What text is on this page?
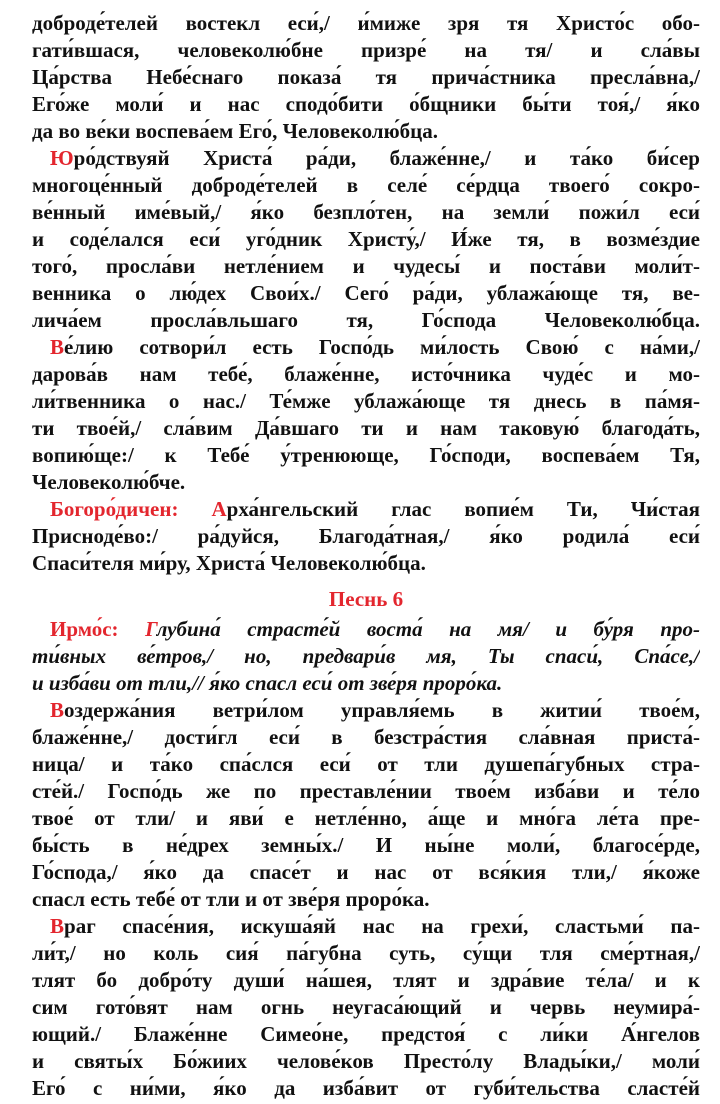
доброде́телей востекл еси́,/ и́миже зря тя Христо́с обо-
гати́вшася, человеколю́бне призре́ на тя/ и сла́вы
Ца́рства Небе́снаго показа́ тя прича́стника пресла́вна,/
Его́же моли́ и нас сподо́бити о́бщники бы́ти тоя́,/ я́ко
да во ве́ки воспева́ем Его́, Человеколю́бца.
Юро́дствуяй Христа́ ра́ди, блаже́нне,/ и та́ко би́сер
многоце́нный доброде́телей в селе́ се́рдца твоего́ сокро-
ве́нный име́вый,/ я́ко безпло́тен, на земли́ пожи́л еси́
и соде́лался еси́ уго́дник Христу́,/ И́же тя, в возме́здие
того́, просла́ви нетле́нием и чудесы́ и поста́ви моли́т-
венника о лю́дех Свои́х./ Сего́ ра́ди, ублажа́юще тя, ве-
лича́ем просла́вльшаго тя, Го́спода Человеколю́бца.
Ве́лию сотвори́л есть Госпо́дь ми́лость Свою́ с на́ми,/
дарова́в нам тебе́, блаже́нне, исто́чника чуде́с и мо-
ли́твенника о нас./ Те́мже ублажа́юще тя днесь в па́мя-
ти твое́й,/ сла́вим Да́вшаго ти и нам таковую́ благода́ть,
вопию́ще:/ к Тебе́ у́тренююще, Го́споди, воспева́ем Тя,
Человеколю́бче.
Богоро́дичен: Арха́нгельский глас вопие́м Ти, Чи́стая
Присноде́во:/ ра́дуйся, Благода́тная,/ я́ко родила́ еси́
Спаси́теля ми́ру, Христа́ Человеколю́бца.
Песнь 6
Ирмо́с: Глубина́ страсте́й воста́ на мя/ и бу́ря про-
ти́вных ве́тров,/ но, предвари́в мя, Ты спаси́, Спа́се,/
и изба́ви от тли,// я́ко спасл еси́ от зве́ря проро́ка.
Воздержа́ния ветри́лом управля́емь в житии́ твое́м,
блаже́нне,/ дости́гл еси́ в безстра́стия сла́вная приста́-
ница/ и та́ко спа́слся еси́ от тли душепа́губных стра-
сте́й./ Госпо́дь же по преставле́нии твое́м изба́ви и те́ло
твое́ от тли/ и яви́ е нетле́нно, а́ще и мно́га ле́та пре-
бы́сть в не́дрех земны́х./ И ны́не моли́, благосе́рде,
Го́спода,/ я́ко да спасе́т и нас от вся́кия тли,/ я́коже
спасл есть тебе́ от тли и от зве́ря проро́ка.
Враг спасе́ния, искуша́яй нас на грехи́, сластьми́ па-
ли́т,/ но коль сия́ па́губна суть, су́щи тля сме́ртная,/
тлят бо добро́ту души́ на́шея, тлят и здра́вие те́ла/ и к
сим гото́вят нам огнь неугаса́ющий и червь неумира́-
ющий./ Блаже́нне Симео́не, предстоя́ с ли́ки А́нгелов
и святы́х Бо́жиих челове́ков Престо́лу Влады́ки,/ моли́
Его́ с ни́ми, я́ко да изба́вит от губи́тельства сласте́й
